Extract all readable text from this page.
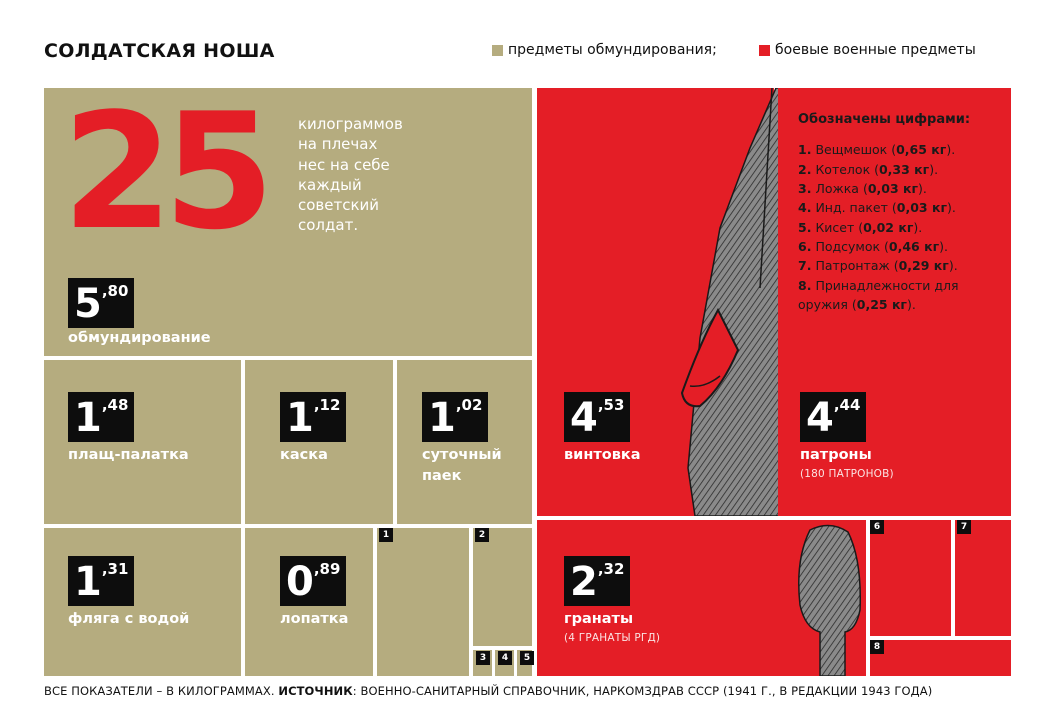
СОЛДАТСКАЯ НОША	предметы обмундирования;	боевые военные предметы
25 килограммов
на плечах
нес на себе
каждый
советский
солдат.
5 ,80
обмундирование
1 ,48
плащ-палатка
1 ,12
каска
1 ,02
суточный паек
1 ,31
фляга с водой
0 ,89
лопатка
1	2
3	4	5
4 ,53
винтовка
Обозначены цифрами:
1. Вещмешок (0,65 кг).
2. Котелок (0,33 кг).
3. Ложка (0,03 кг).
4. Инд. пакет (0,03 кг).
5. Кисет (0,02 кг).
6. Подсумок (0,46 кг).
7. Патронтаж (0,29 кг).
8. Принадлежности для оружия (0,25 кг).
4 ,44
патроны
(180 ПАТРОНОВ)
2 ,32
гранаты
(4 ГРАНАТЫ РГД)
6	7
8
ВСЕ ПОКАЗАТЕЛИ – В КИЛОГРАММАХ. ИСТОЧНИК: ВОЕННО-САНИТАРНЫЙ СПРАВОЧНИК, НАРКОМЗДРАВ СССР (1941 Г., В РЕДАКЦИИ 1943 ГОДА)
